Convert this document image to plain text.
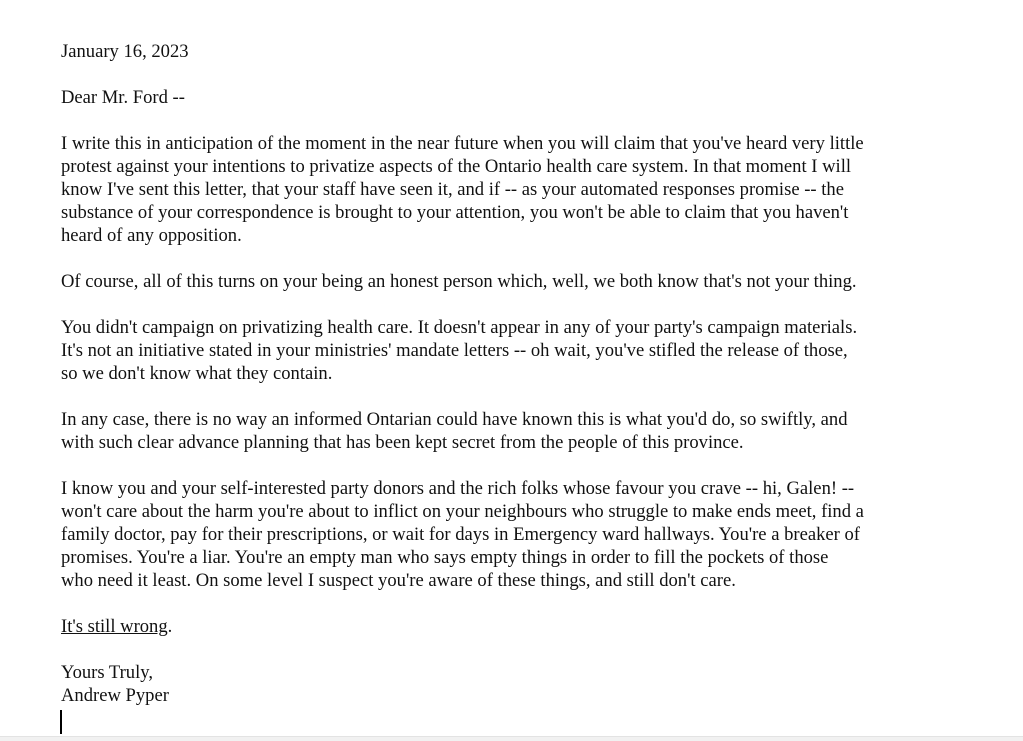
January 16, 2023

Dear Mr. Ford --

I write this in anticipation of the moment in the near future when you will claim that you've heard very little
protest against your intentions to privatize aspects of the Ontario health care system. In that moment I will
know I've sent this letter, that your staff have seen it, and if -- as your automated responses promise -- the
substance of your correspondence is brought to your attention, you won't be able to claim that you haven't
heard of any opposition.

Of course, all of this turns on your being an honest person which, well, we both know that's not your thing.

You didn't campaign on privatizing health care. It doesn't appear in any of your party's campaign materials.
It's not an initiative stated in your ministries' mandate letters -- oh wait, you've stifled the release of those,
so we don't know what they contain.

In any case, there is no way an informed Ontarian could have known this is what you'd do, so swiftly, and
with such clear advance planning that has been kept secret from the people of this province.

I know you and your self-interested party donors and the rich folks whose favour you crave -- hi, Galen! --
won't care about the harm you're about to inflict on your neighbours who struggle to make ends meet, find a
family doctor, pay for their prescriptions, or wait for days in Emergency ward hallways. You're a breaker of
promises. You're a liar. You're an empty man who says empty things in order to fill the pockets of those
who need it least. On some level I suspect you're aware of these things, and still don't care.

It's still wrong.

Yours Truly,
Andrew Pyper
